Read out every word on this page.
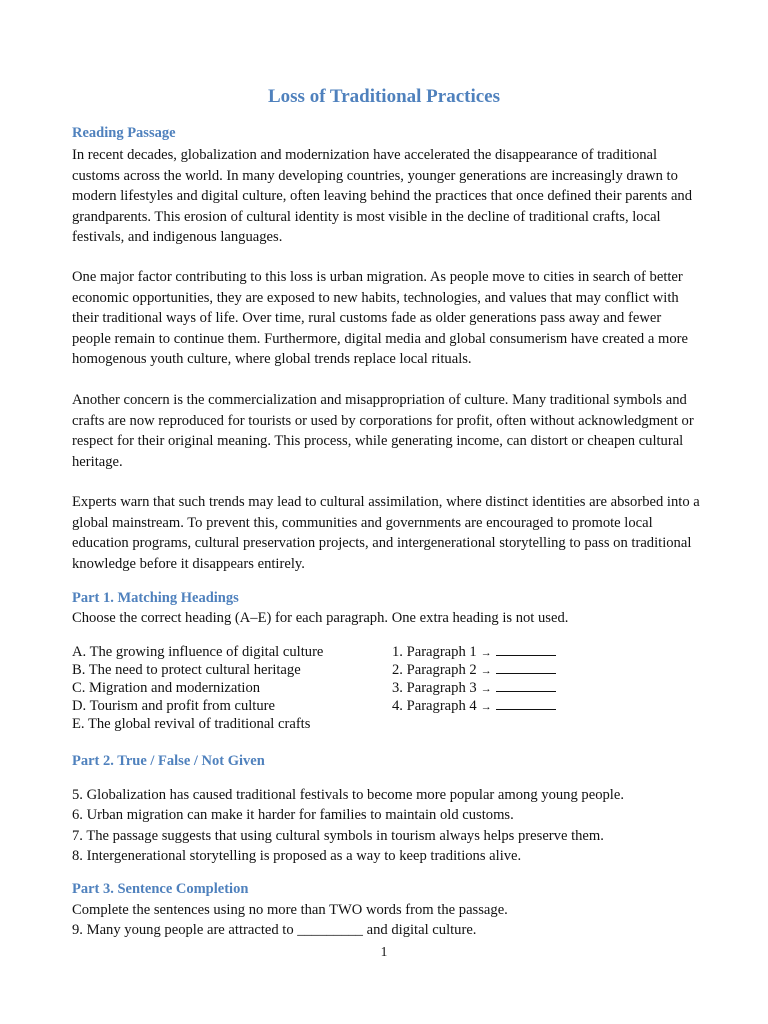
Loss of Traditional Practices
Reading Passage

In recent decades, globalization and modernization have accelerated the disappearance of traditional customs across the world. In many developing countries, younger generations are increasingly drawn to modern lifestyles and digital culture, often leaving behind the practices that once defined their parents and grandparents. This erosion of cultural identity is most visible in the decline of traditional crafts, local festivals, and indigenous languages.

One major factor contributing to this loss is urban migration. As people move to cities in search of better economic opportunities, they are exposed to new habits, technologies, and values that may conflict with their traditional ways of life. Over time, rural customs fade as older generations pass away and fewer people remain to continue them. Furthermore, digital media and global consumerism have created a more homogenous youth culture, where global trends replace local rituals.

Another concern is the commercialization and misappropriation of culture. Many traditional symbols and crafts are now reproduced for tourists or used by corporations for profit, often without acknowledgment or respect for their original meaning. This process, while generating income, can distort or cheapen cultural heritage.

Experts warn that such trends may lead to cultural assimilation, where distinct identities are absorbed into a global mainstream. To prevent this, communities and governments are encouraged to promote local education programs, cultural preservation projects, and intergenerational storytelling to pass on traditional knowledge before it disappears entirely.

Part 1. Matching Headings

Choose the correct heading (A–E) for each paragraph. One extra heading is not used.

A. The growing influence of digital culture

B. The need to protect cultural heritage

C. Migration and modernization

D. Tourism and profit from culture

E. The global revival of traditional crafts

1. Paragraph 1 →

2. Paragraph 2 →

3. Paragraph 3 →

4. Paragraph 4 →

Part 2. True / False / Not Given

5. Globalization has caused traditional festivals to become more popular among young people.

6. Urban migration can make it harder for families to maintain old customs.

7. The passage suggests that using cultural symbols in tourism always helps preserve them.

8. Intergenerational storytelling is proposed as a way to keep traditions alive.

Part 3. Sentence Completion

Complete the sentences using no more than TWO words from the passage.

9. Many young people are attracted to _________ and digital culture.

1
